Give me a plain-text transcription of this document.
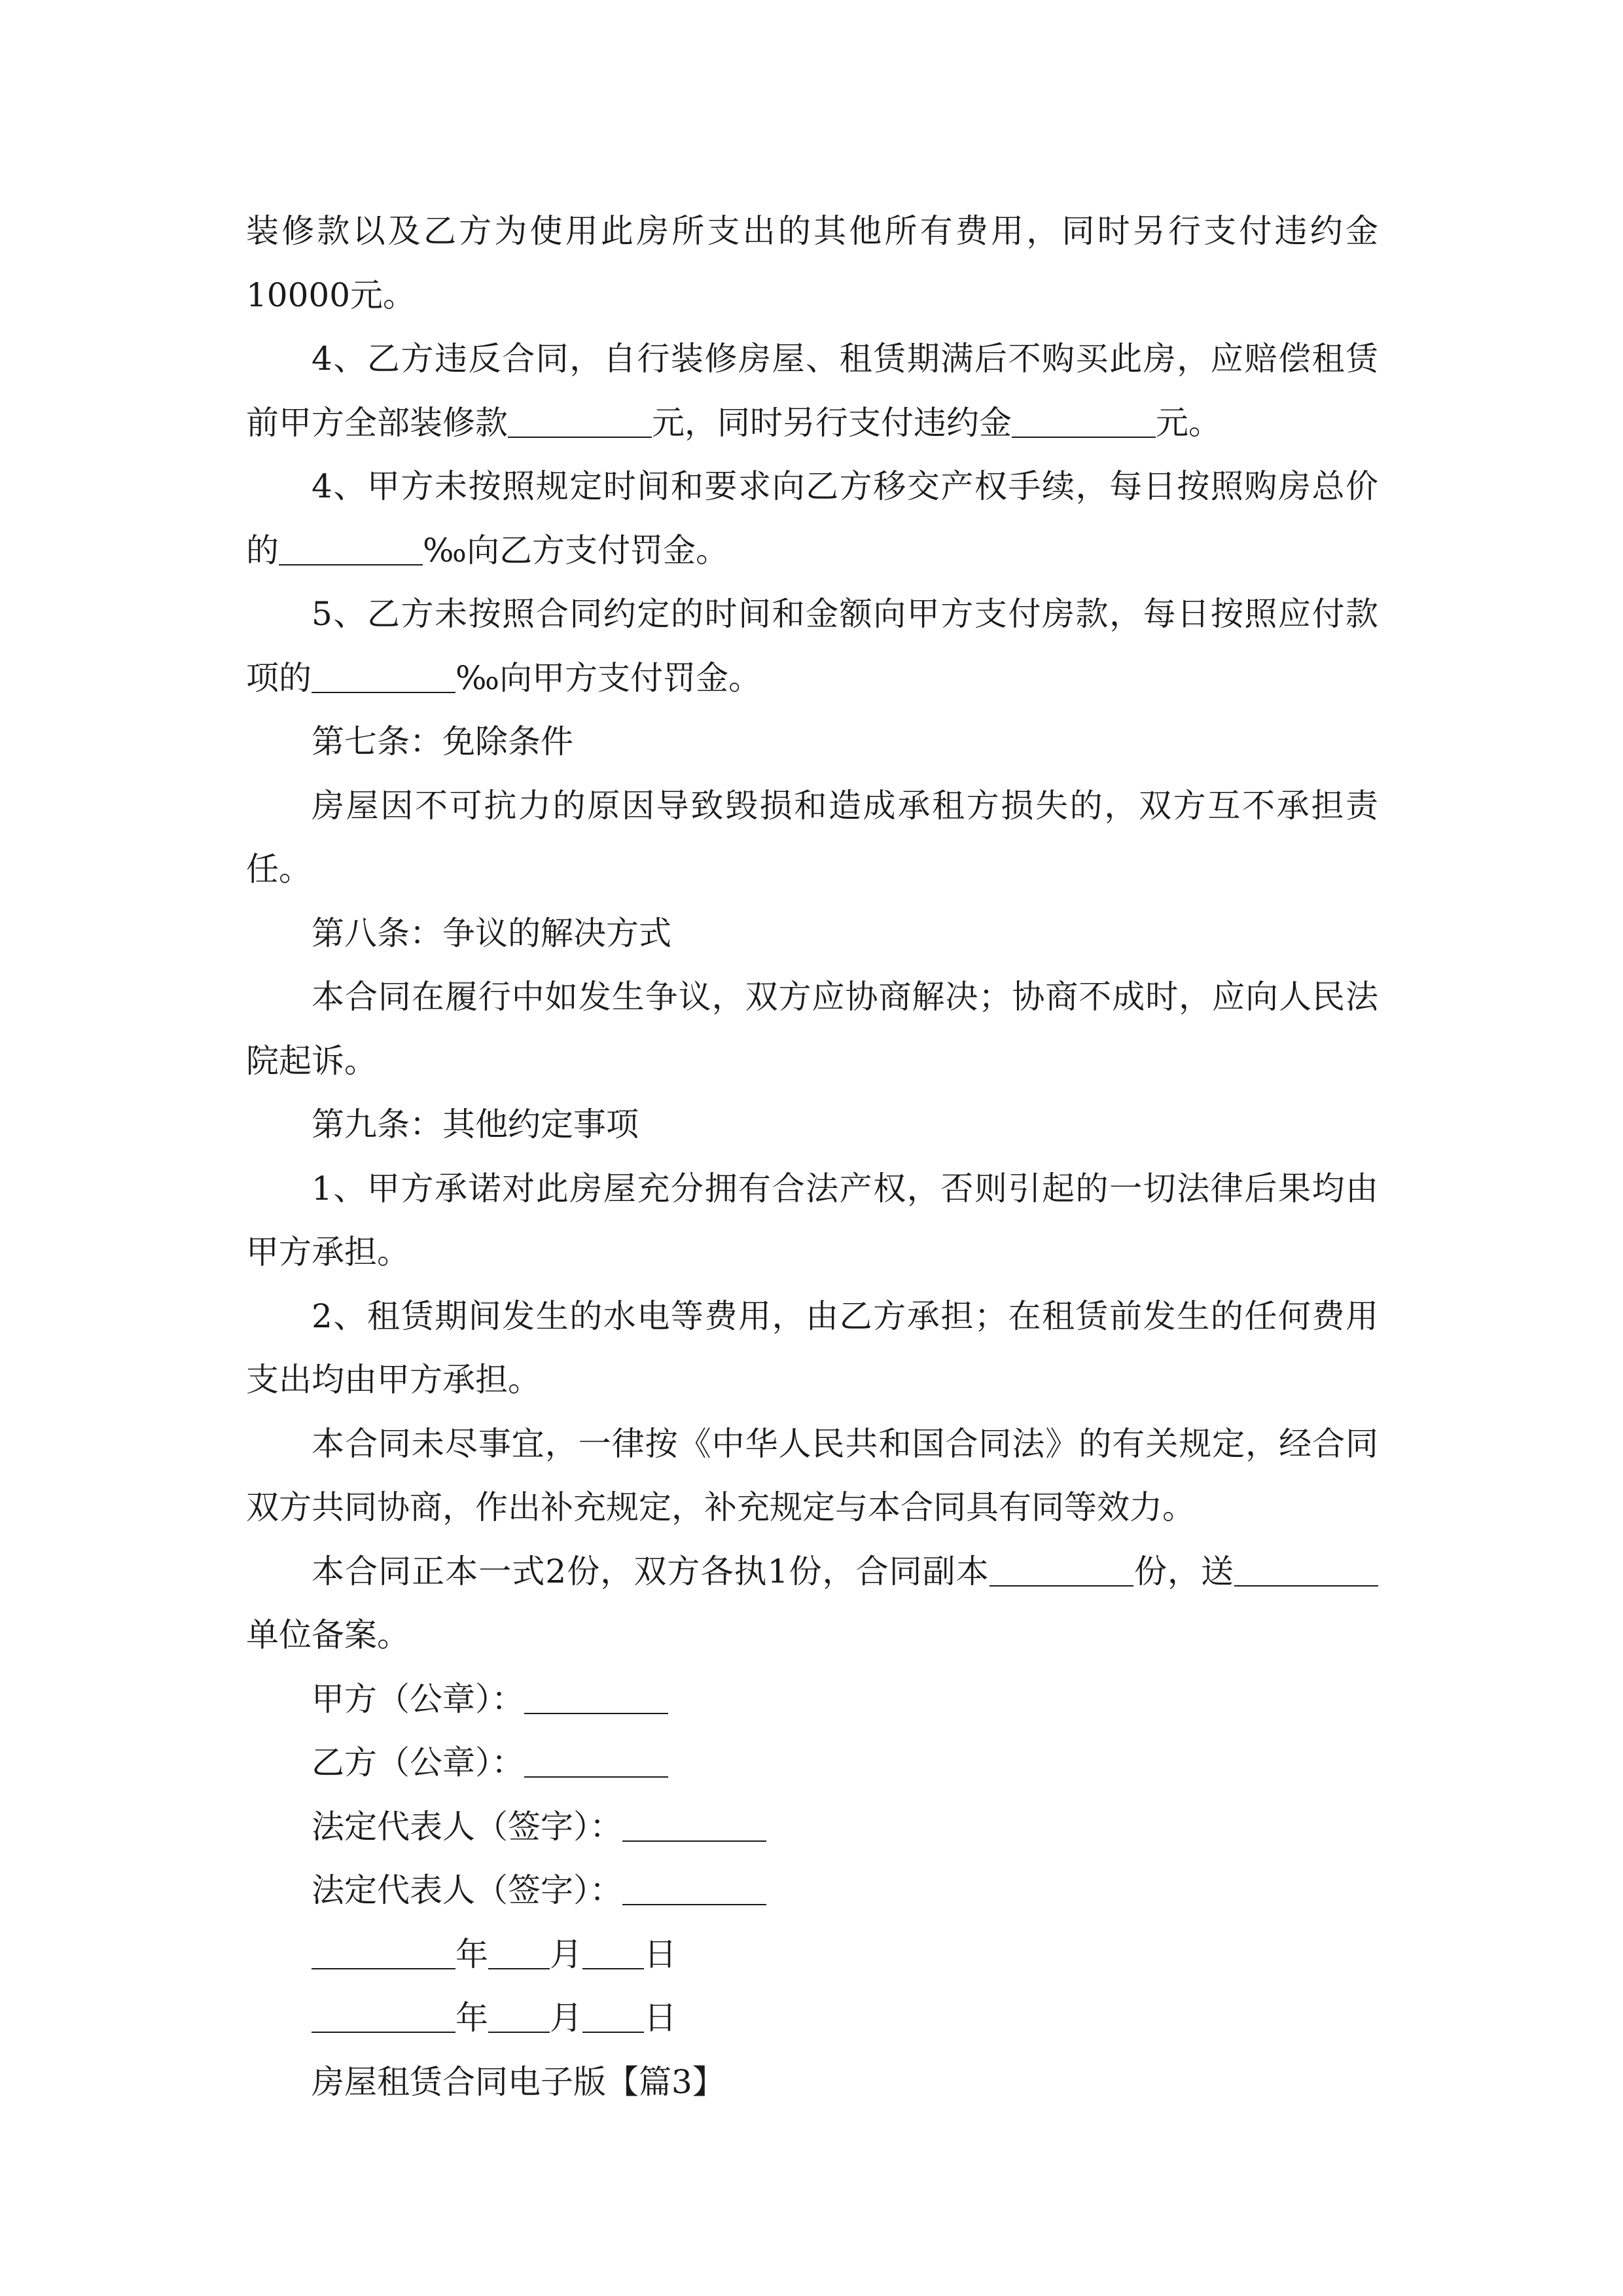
装修款以及乙方为使用此房所支出的其他所有费用，同时另行支付违约金10000元。

4、乙方违反合同，自行装修房屋、租赁期满后不购买此房，应赔偿租赁前甲方全部装修款	元，同时另行支付违约金	元。

4、甲方未按照规定时间和要求向乙方移交产权手续，每日按照购房总价的	‰向乙方支付罚金。

5、乙方未按照合同约定的时间和金额向甲方支付房款，每日按照应付款项的	‰向甲方支付罚金。

第七条：免除条件

房屋因不可抗力的原因导致毁损和造成承租方损失的，双方互不承担责任。

第八条：争议的解决方式

本合同在履行中如发生争议，双方应协商解决；协商不成时，应向人民法院起诉。

第九条：其他约定事项

1、甲方承诺对此房屋充分拥有合法产权，否则引起的一切法律后果均由甲方承担。

2、租赁期间发生的水电等费用，由乙方承担；在租赁前发生的任何费用支出均由甲方承担。

本合同未尽事宜，一律按《中华人民共和国合同法》的有关规定，经合同双方共同协商，作出补充规定，补充规定与本合同具有同等效力。

本合同正本一式2份，双方各执1份，合同副本	份，送单位备案。

甲方（公章）：

乙方（公章）：

法定代表人（签字）：

法定代表人（签字）：

年 月 日

年 月 日

房屋租赁合同电子版【篇3】
